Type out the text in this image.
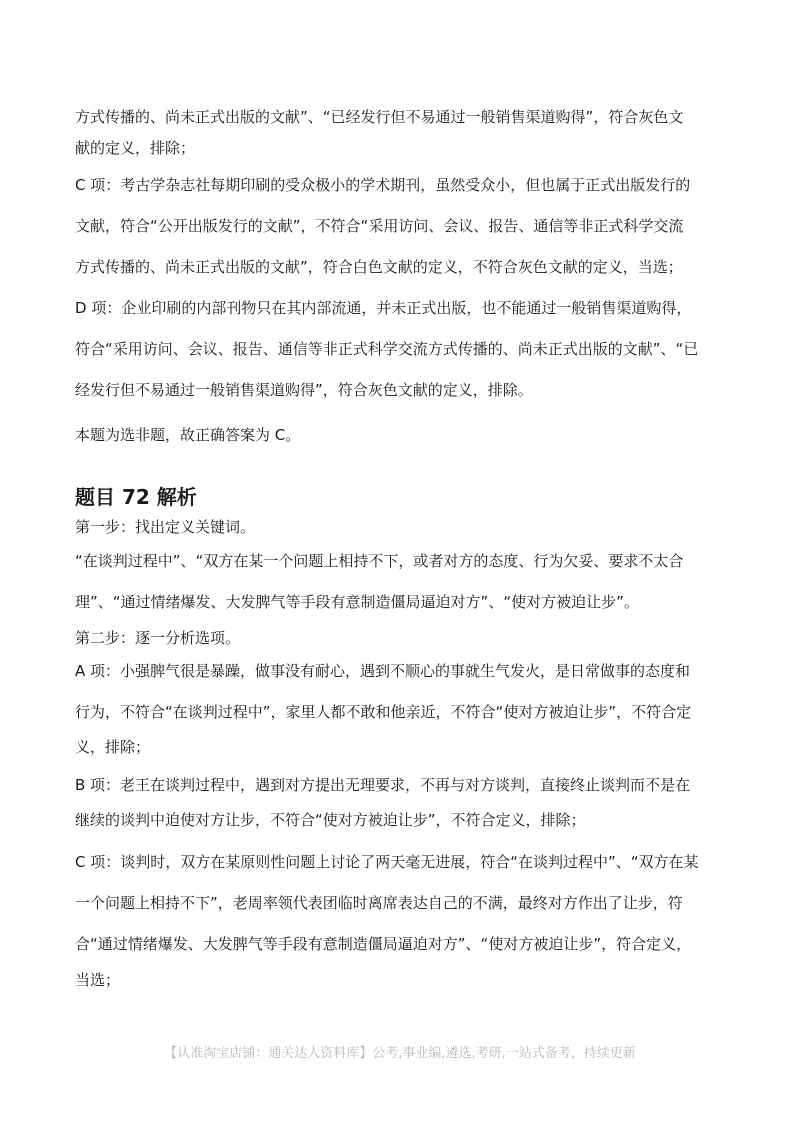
方式传播的、尚未正式出版的文献”、“已经发行但不易通过一般销售渠道购得”，符合灰色文
献的定义，排除；
C 项：考古学杂志社每期印刷的受众极小的学术期刊，虽然受众小，但也属于正式出版发行的
文献，符合“公开出版发行的文献”，不符合“采用访问、会议、报告、通信等非正式科学交流
方式传播的、尚未正式出版的文献”，符合白色文献的定义，不符合灰色文献的定义，当选；
D 项：企业印刷的内部刊物只在其内部流通，并未正式出版，也不能通过一般销售渠道购得，
符合“采用访问、会议、报告、通信等非正式科学交流方式传播的、尚未正式出版的文献”、“已
经发行但不易通过一般销售渠道购得”，符合灰色文献的定义，排除。
本题为选非题，故正确答案为 C。
题目 72 解析
第一步：找出定义关键词。
“在谈判过程中”、“双方在某一个问题上相持不下，或者对方的态度、行为欠妥、要求不太合
理”、“通过情绪爆发、大发脾气等手段有意制造僵局逼迫对方”、“使对方被迫让步”。
第二步：逐一分析选项。
A 项：小强脾气很是暴躁，做事没有耐心，遇到不顺心的事就生气发火，是日常做事的态度和
行为，不符合“在谈判过程中”，家里人都不敢和他亲近，不符合“使对方被迫让步”，不符合定
义，排除；
B 项：老王在谈判过程中，遇到对方提出无理要求，不再与对方谈判，直接终止谈判而不是在
继续的谈判中迫使对方让步，不符合“使对方被迫让步”，不符合定义，排除；
C 项：谈判时，双方在某原则性问题上讨论了两天毫无进展，符合“在谈判过程中”、“双方在某
一个问题上相持不下”，老周率领代表团临时离席表达自己的不满，最终对方作出了让步，符
合“通过情绪爆发、大发脾气等手段有意制造僵局逼迫对方”、“使对方被迫让步”，符合定义，
当选；
【认准淘宝店铺：通关达人资料库】公考,事业编,遴选,考研,一站式备考，持续更新
